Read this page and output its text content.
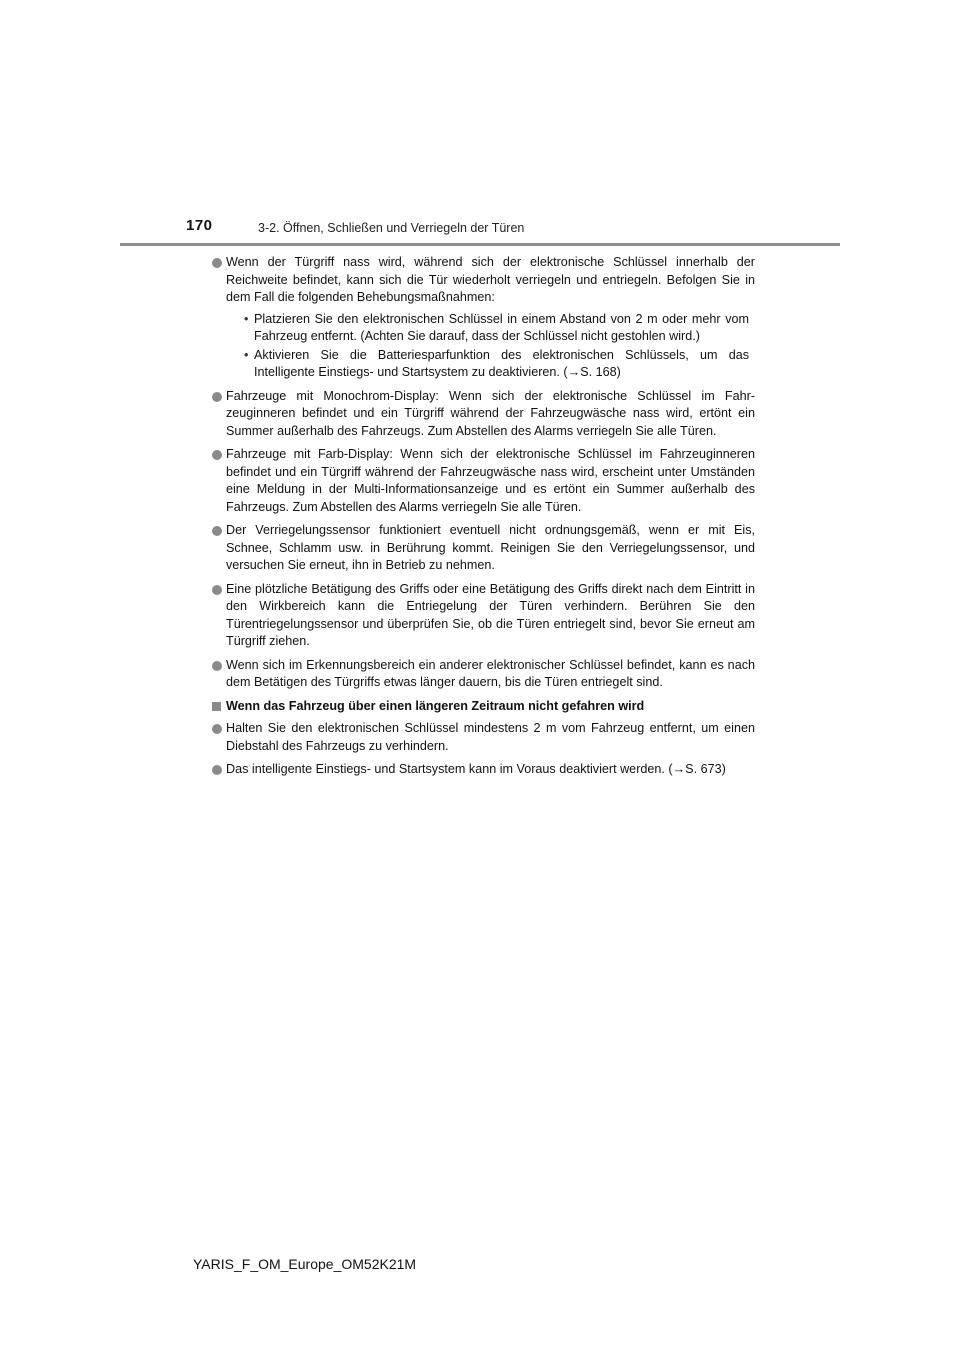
170	3-2. Öffnen, Schließen und Verriegeln der Türen
Wenn der Türgriff nass wird, während sich der elektronische Schlüssel innerhalb der Reichweite befindet, kann sich die Tür wiederholt verriegeln und entriegeln. Befolgen Sie in dem Fall die folgenden Behebungsmaßnahmen:
• Platzieren Sie den elektronischen Schlüssel in einem Abstand von 2 m oder mehr vom Fahrzeug entfernt. (Achten Sie darauf, dass der Schlüssel nicht gestohlen wird.)
• Aktivieren Sie die Batteriesparfunktion des elektronischen Schlüssels, um das Intelligente Einstiegs- und Startsystem zu deaktivieren. (→S. 168)
Fahrzeuge mit Monochrom-Display: Wenn sich der elektronische Schlüssel im Fahrzeuginneren befindet und ein Türgriff während der Fahrzeugwäsche nass wird, ertönt ein Summer außerhalb des Fahrzeugs. Zum Abstellen des Alarms verriegeln Sie alle Türen.
Fahrzeuge mit Farb-Display: Wenn sich der elektronische Schlüssel im Fahrzeuginneren befindet und ein Türgriff während der Fahrzeugwäsche nass wird, erscheint unter Umständen eine Meldung in der Multi-Informationsanzeige und es ertönt ein Summer außerhalb des Fahrzeugs. Zum Abstellen des Alarms verriegeln Sie alle Türen.
Der Verriegelungssensor funktioniert eventuell nicht ordnungsgemäß, wenn er mit Eis, Schnee, Schlamm usw. in Berührung kommt. Reinigen Sie den Verriegelungssensor, und versuchen Sie erneut, ihn in Betrieb zu nehmen.
Eine plötzliche Betätigung des Griffs oder eine Betätigung des Griffs direkt nach dem Eintritt in den Wirkbereich kann die Entriegelung der Türen verhindern. Berühren Sie den Türentriegelungssensor und überprüfen Sie, ob die Türen entriegelt sind, bevor Sie erneut am Türgriff ziehen.
Wenn sich im Erkennungsbereich ein anderer elektronischer Schlüssel befindet, kann es nach dem Betätigen des Türgriffs etwas länger dauern, bis die Türen entriegelt sind.
Wenn das Fahrzeug über einen längeren Zeitraum nicht gefahren wird
Halten Sie den elektronischen Schlüssel mindestens 2 m vom Fahrzeug entfernt, um einen Diebstahl des Fahrzeugs zu verhindern.
Das intelligente Einstiegs- und Startsystem kann im Voraus deaktiviert werden. (→S. 673)
YARIS_F_OM_Europe_OM52K21M
